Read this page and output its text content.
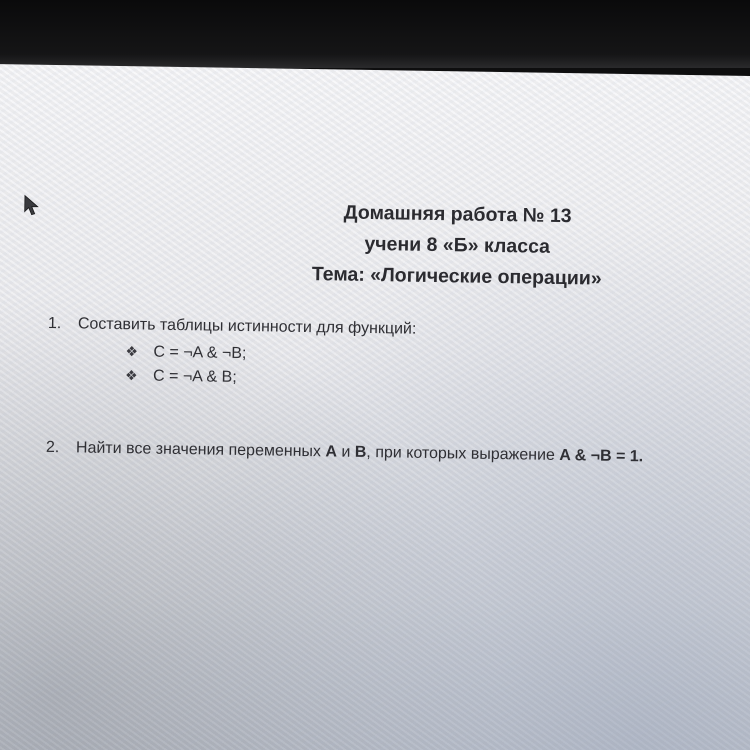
Домашняя работа № 13
учени 8 «Б» класса
Тема: «Логические операции»
1. Составить таблицы истинности для функций:
❖ C = ¬A & ¬B;
❖ C = ¬A & B;
2. Найти все значения переменных A и B, при которых выражение A & ¬B = 1.
